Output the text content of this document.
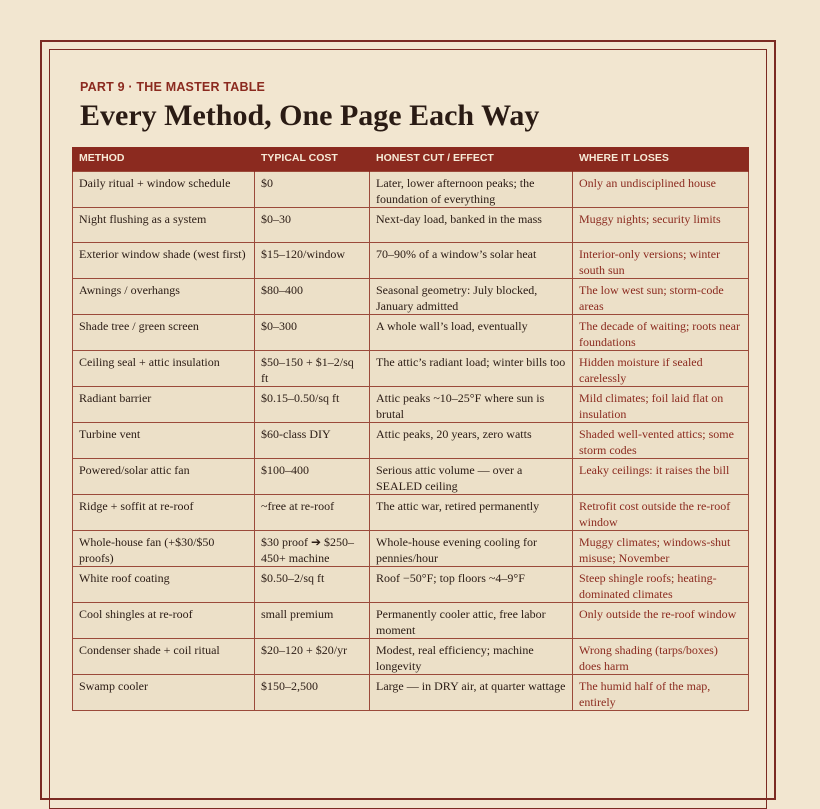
PART 9 · THE MASTER TABLE
Every Method, One Page Each Way
METHOD	TYPICAL COST	HONEST CUT / EFFECT	WHERE IT LOSES
Daily ritual + window schedule	$0	Later, lower afternoon peaks; the foundation of everything	Only an undisciplined house
Night flushing as a system	$0–30	Next-day load, banked in the mass	Muggy nights; security limits
Exterior window shade (west first)	$15–120/window	70–90% of a window’s solar heat	Interior-only versions; winter south sun
Awnings / overhangs	$80–400	Seasonal geometry: July blocked, January admitted	The low west sun; storm-code areas
Shade tree / green screen	$0–300	A whole wall’s load, eventually	The decade of waiting; roots near foundations
Ceiling seal + attic insulation	$50–150 + $1–2/sq ft	The attic’s radiant load; winter bills too	Hidden moisture if sealed carelessly
Radiant barrier	$0.15–0.50/sq ft	Attic peaks ~10–25°F where sun is brutal	Mild climates; foil laid flat on insulation
Turbine vent	$60-class DIY	Attic peaks, 20 years, zero watts	Shaded well-vented attics; some storm codes
Powered/solar attic fan	$100–400	Serious attic volume — over a SEALED ceiling	Leaky ceilings: it raises the bill
Ridge + soffit at re-roof	~free at re-roof	The attic war, retired permanently	Retrofit cost outside the re-roof window
Whole-house fan (+$30/$50 proofs)	$30 proof ➔ $250–450+ machine	Whole-house evening cooling for pennies/hour	Muggy climates; windows-shut misuse; November
White roof coating	$0.50–2/sq ft	Roof −50°F; top floors ~4–9°F	Steep shingle roofs; heating-dominated climates
Cool shingles at re-roof	small premium	Permanently cooler attic, free labor moment	Only outside the re-roof window
Condenser shade + coil ritual	$20–120 + $20/yr	Modest, real efficiency; machine longevity	Wrong shading (tarps/boxes) does harm
Swamp cooler	$150–2,500	Large — in DRY air, at quarter wattage	The humid half of the map, entirely
